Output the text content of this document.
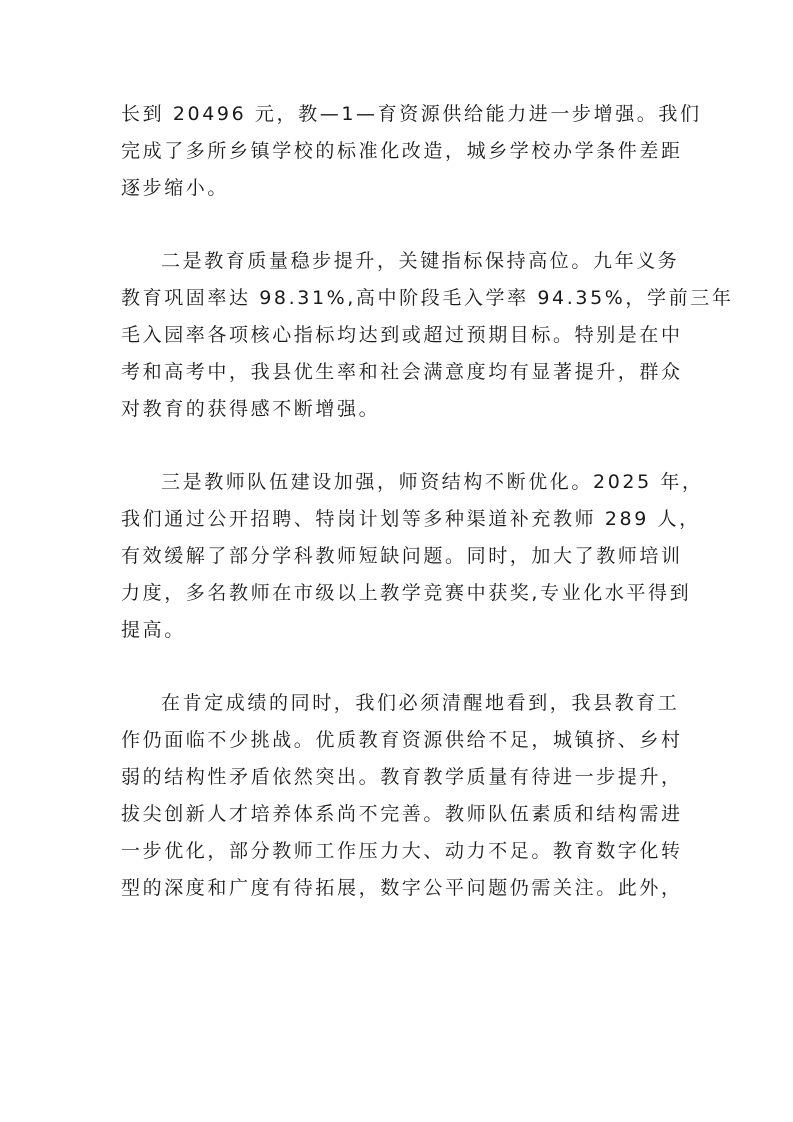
长到 20496 元，教—1—育资源供给能力进一步增强。我们
完成了多所乡镇学校的标准化改造，城乡学校办学条件差距
逐步缩小。
二是教育质量稳步提升，关键指标保持高位。九年义务
教育巩固率达 98.31%,高中阶段毛入学率 94.35%，学前三年
毛入园率各项核心指标均达到或超过预期目标。特别是在中
考和高考中，我县优生率和社会满意度均有显著提升，群众
对教育的获得感不断增强。
三是教师队伍建设加强，师资结构不断优化。2025 年，
我们通过公开招聘、特岗计划等多种渠道补充教师 289 人，
有效缓解了部分学科教师短缺问题。同时，加大了教师培训
力度，多名教师在市级以上教学竞赛中获奖,专业化水平得到
提高。
在肯定成绩的同时，我们必须清醒地看到，我县教育工
作仍面临不少挑战。优质教育资源供给不足，城镇挤、乡村
弱的结构性矛盾依然突出。教育教学质量有待进一步提升，
拔尖创新人才培养体系尚不完善。教师队伍素质和结构需进
一步优化，部分教师工作压力大、动力不足。教育数字化转
型的深度和广度有待拓展，数字公平问题仍需关注。此外，
